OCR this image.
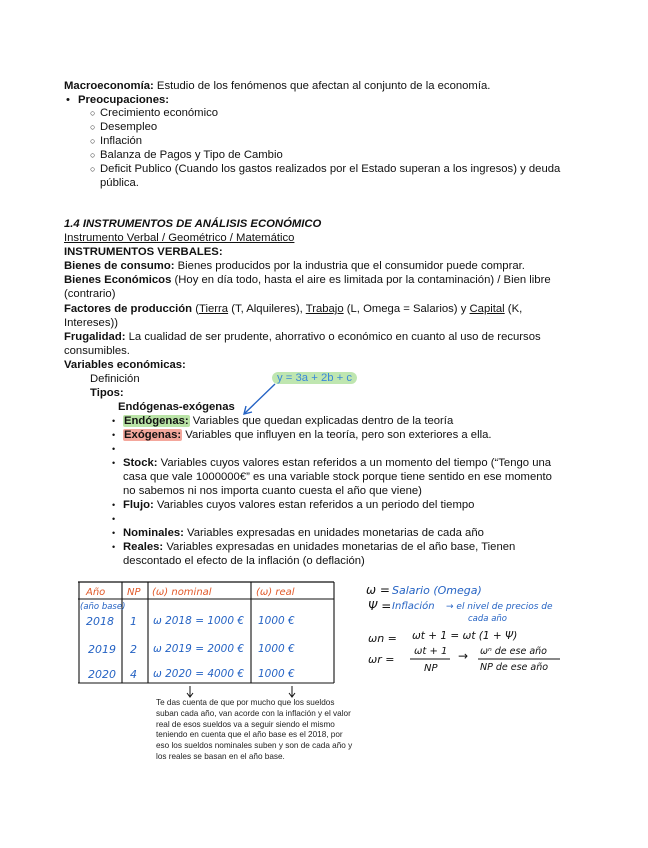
Macroeconomía: Estudio de los fenómenos que afectan al conjunto de la economía.
• Preocupaciones:
○ Crecimiento económico
○ Desempleo
○ Inflación
○ Balanza de Pagos y Tipo de Cambio
○ Deficit Publico (Cuando los gastos realizados por el Estado superan a los ingresos) y deuda
pública.
1.4 INSTRUMENTOS DE ANÁLISIS ECONÓMICO
Instrumento Verbal / Geométrico / Matemático
INSTRUMENTOS VERBALES:
Bienes de consumo: Bienes producidos por la industria que el consumidor puede comprar.
Bienes Económicos (Hoy en día todo, hasta el aire es limitada por la contaminación) / Bien libre
(contrario)
Factores de producción (Tierra (T, Alquileres), Trabajo (L, Omega = Salarios) y Capital (K,
Intereses))
Frugalidad: La cualidad de ser prudente, ahorrativo o económico en cuanto al uso de recursos
consumibles.
Variables económicas:
Definición	y = 3a + 2b + c
Tipos:
Endógenas-exógenas
• Endógenas: Variables que quedan explicadas dentro de la teoría
• Exógenas: Variables que influyen en la teoría, pero son exteriores a ella.
•
• Stock: Variables cuyos valores estan referidos a un momento del tiempo (“Tengo una
casa que vale 1000000€” es una variable stock porque tiene sentido en ese momento
no sabemos ni nos importa cuanto cuesta el año que viene)
• Flujo: Variables cuyos valores estan referidos a un periodo del tiempo
•
• Nominales: Variables expresadas en unidades monetarias de cada año
• Reales: Variables expresadas en unidades monetarias de el año base, Tienen
descontado el efecto de la inflación (o deflación)
Año NP (ω) nominal	(ω) real
(año base)
2018 1 ω 2018 = 1000 € 1000 €
2019 2 ω 2019 = 2000 € 1000 €
2020 4 ω 2020 = 4000 € 1000 €
Te das cuenta de que por mucho que los sueldos suban cada año, van acorde con la inflación y el valor real de esos sueldos va a seguir siendo el mismo teniendo en cuenta que el año base es el 2018, por eso los sueldos nominales suben y son de cada año y los reales se basan en el año base.
ω = Salario (Omega)
Ψ = Inflación → el nivel de precios de
cada año
ωn = ωt + 1 = ωt (1 + Ψ)
ωr =
ωt + 1
NP
→ ωⁿ de ese año
NP de ese año
